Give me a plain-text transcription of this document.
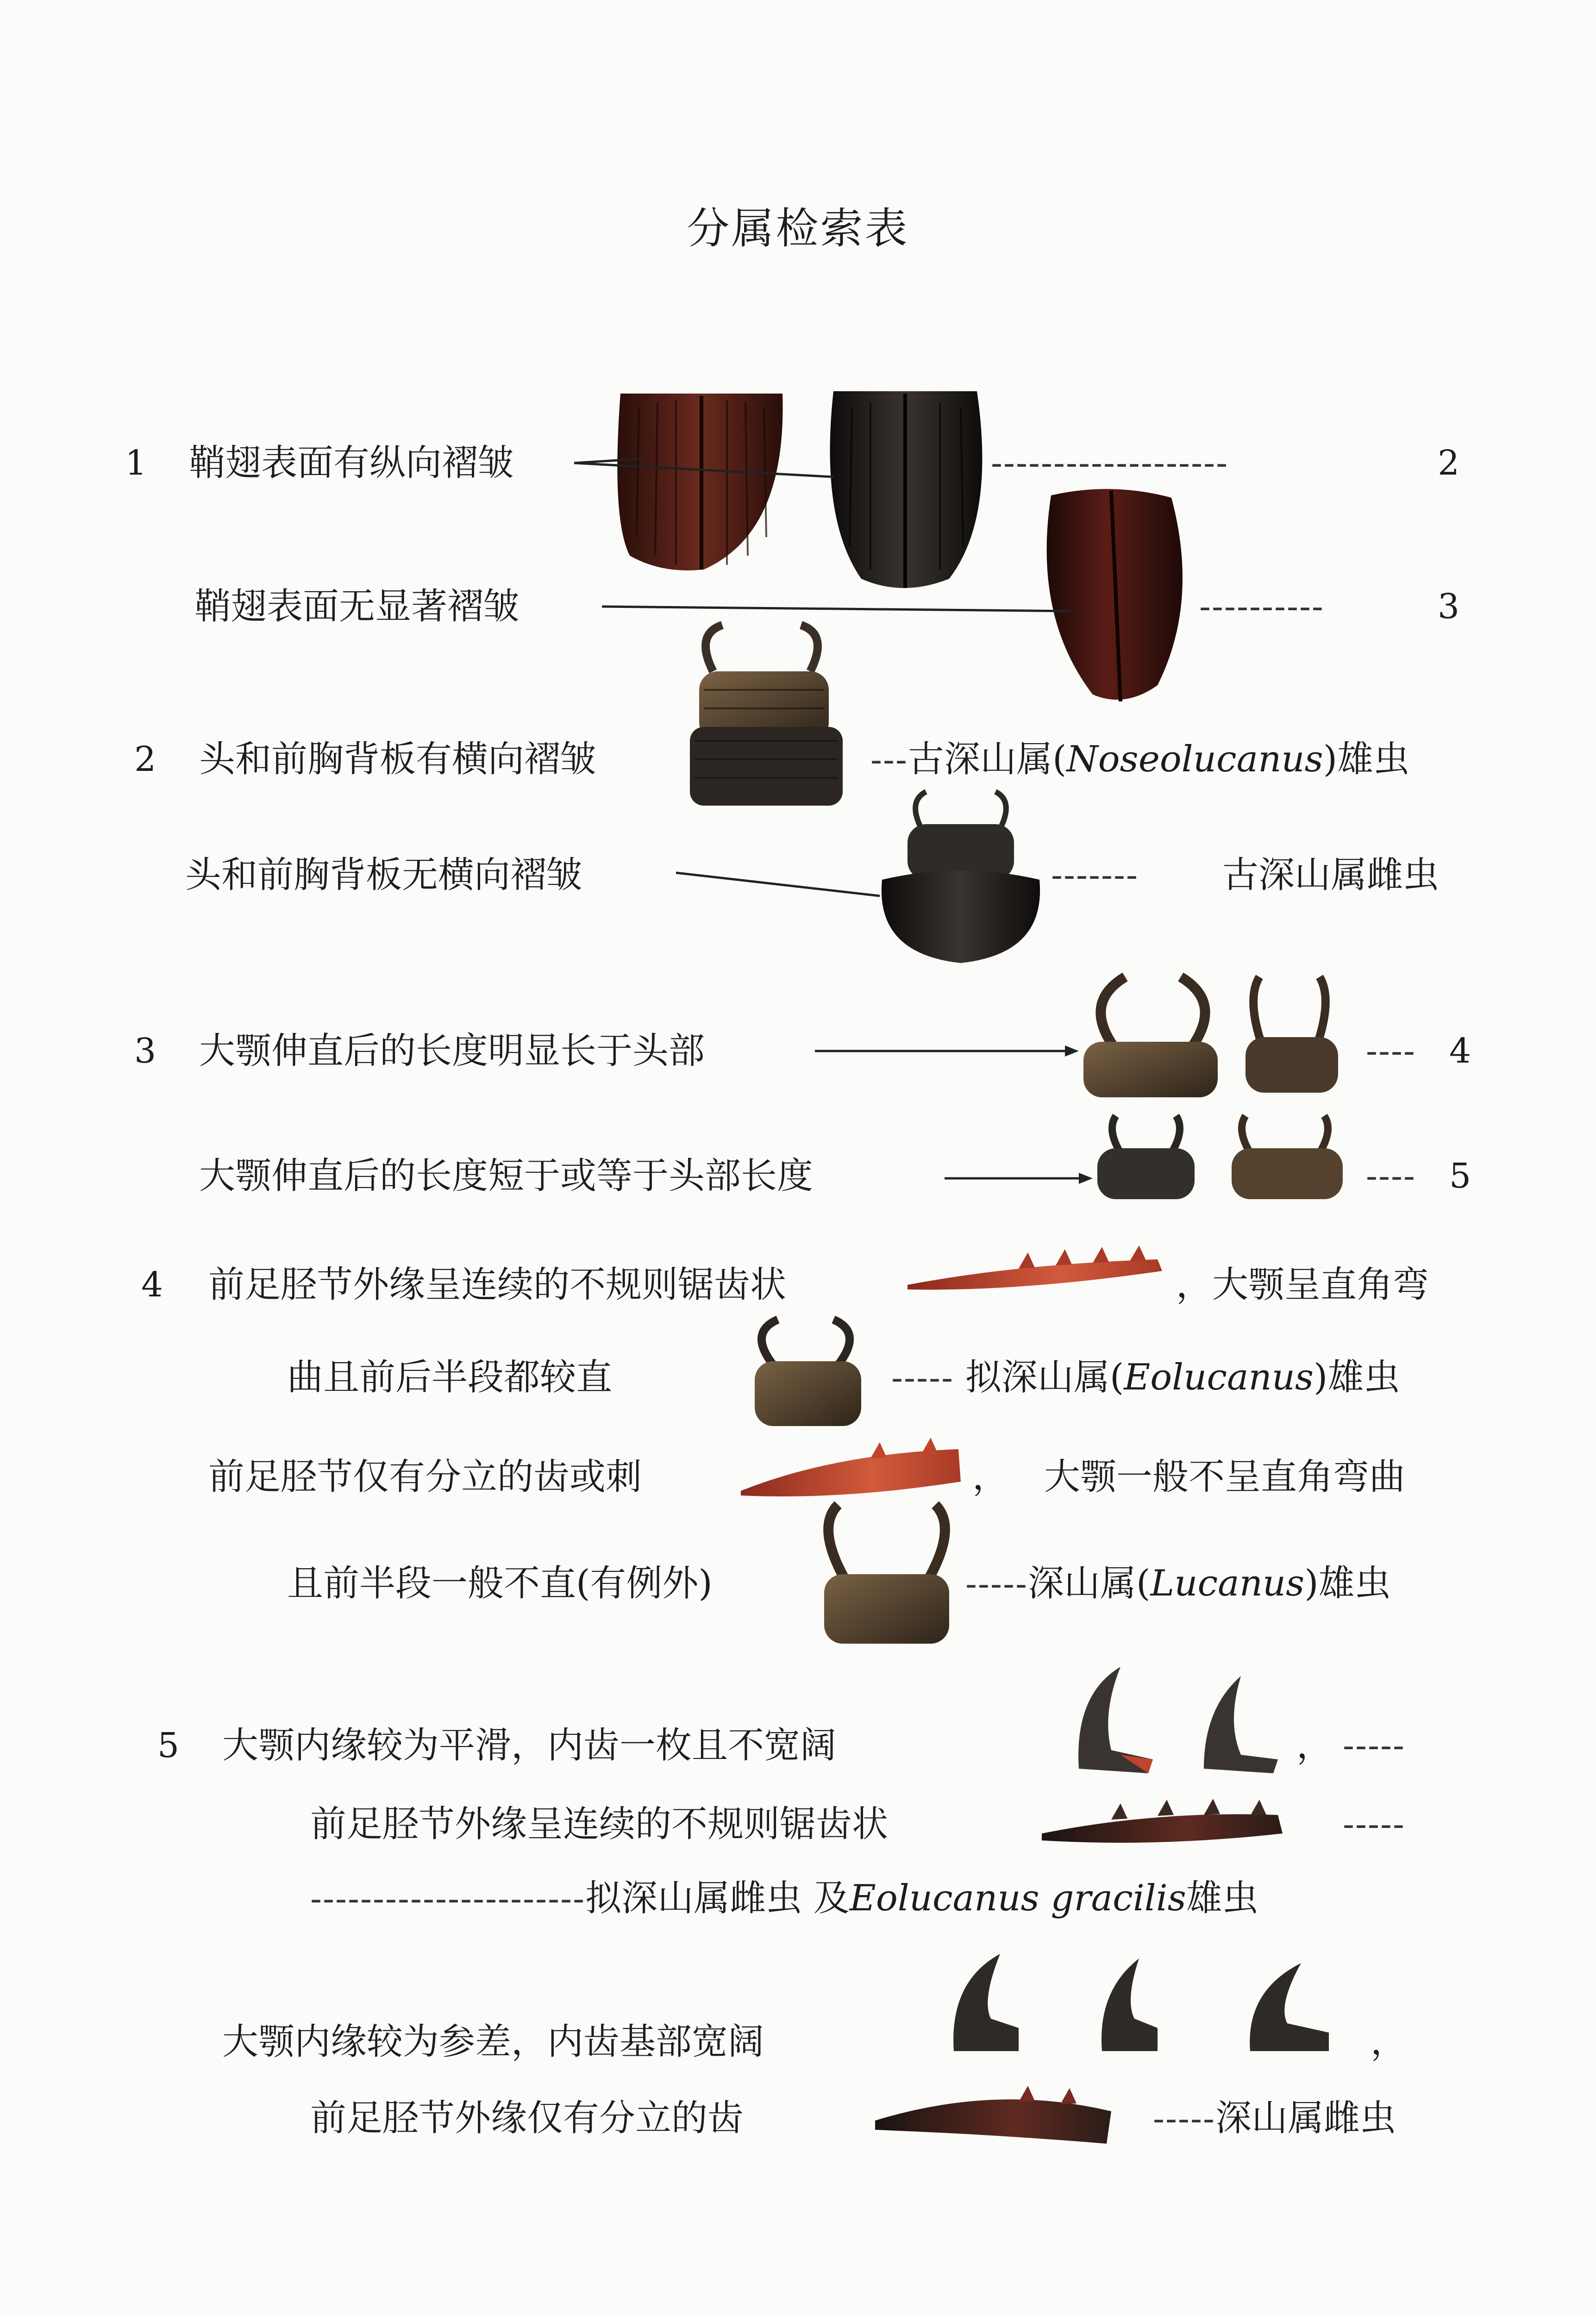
分属检索表
1 鞘翅表面有纵向褶皱	-------------------	2
鞘翅表面无显著褶皱	----------	3
2 头和前胸背板有横向褶皱	---古深山属(Noseolucanus)雄虫
头和前胸背板无横向褶皱	------- 古深山属雌虫
3 大颚伸直后的长度明显长于头部	---- 4
大颚伸直后的长度短于或等于头部长度	---- 5
4 前足胫节外缘呈连续的不规则锯齿状	，大颚呈直角弯
曲且前后半段都较直	----- 拟深山属(Eolucanus)雄虫
前足胫节仅有分立的齿或刺	， 大颚一般不呈直角弯曲
且前半段一般不直(有例外)	-----深山属(Lucanus)雄虫
5 大颚内缘较为平滑，内齿一枚且不宽阔	， -----
前足胫节外缘呈连续的不规则锯齿状	-----
----------------------拟深山属雌虫 及Eolucanus gracilis雄虫
大颚内缘较为参差，内齿基部宽阔	，
前足胫节外缘仅有分立的齿	-----深山属雌虫
